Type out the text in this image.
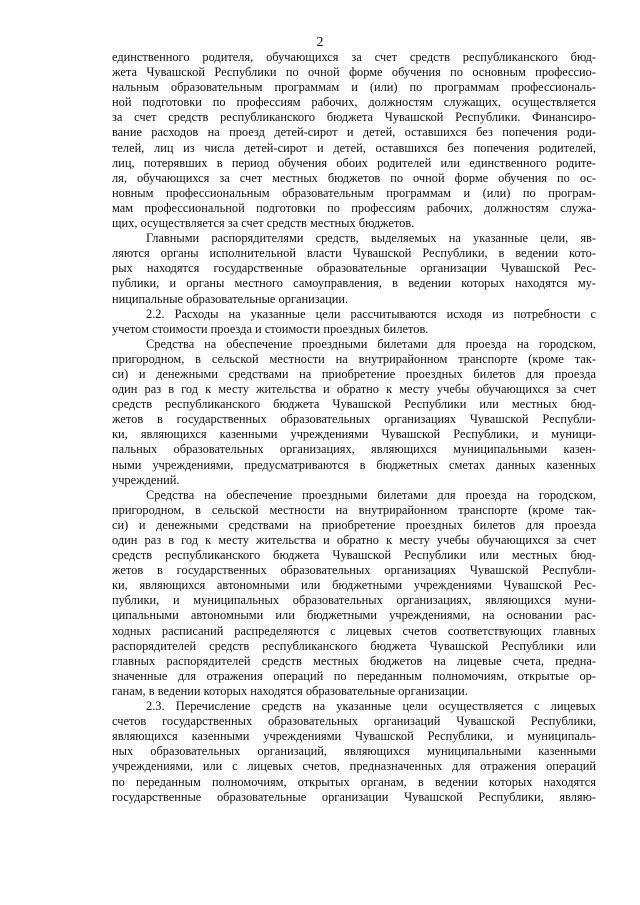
2
единственного родителя, обучающихся за счет средств республиканского бюд-
жета Чувашской Республики по очной форме обучения по основным профессио-
нальным образовательным программам и (или) по программам профессиональ-
ной подготовки по профессиям рабочих, должностям служащих, осуществляется
за счет средств республиканского бюджета Чувашской Республики. Финансиро-
вание расходов на проезд детей-сирот и детей, оставшихся без попечения роди-
телей, лиц из числа детей-сирот и детей, оставшихся без попечения родителей,
лиц, потерявших в период обучения обоих родителей или единственного родите-
ля, обучающихся за счет местных бюджетов по очной форме обучения по ос-
новным профессиональным образовательным программам и (или) по програм-
мам профессиональной подготовки по профессиям рабочих, должностям служа-
щих, осуществляется за счет средств местных бюджетов.
Главными распорядителями средств, выделяемых на указанные цели, яв-
ляются органы исполнительной власти Чувашской Республики, в ведении кото-
рых находятся государственные образовательные организации Чувашской Рес-
публики, и органы местного самоуправления, в ведении которых находятся му-
ниципальные образовательные организации.
2.2. Расходы на указанные цели рассчитываются исходя из потребности с
учетом стоимости проезда и стоимости проездных билетов.
Средства на обеспечение проездными билетами для проезда на городском,
пригородном, в сельской местности на внутрирайонном транспорте (кроме так-
си) и денежными средствами на приобретение проездных билетов для проезда
один раз в год к месту жительства и обратно к месту учебы обучающихся за счет
средств республиканского бюджета Чувашской Республики или местных бюд-
жетов в государственных образовательных организациях Чувашской Республи-
ки, являющихся казенными учреждениями Чувашской Республики, и муници-
пальных образовательных организациях, являющихся муниципальными казен-
ными учреждениями, предусматриваются в бюджетных сметах данных казенных
учреждений.
Средства на обеспечение проездными билетами для проезда на городском,
пригородном, в сельской местности на внутрирайонном транспорте (кроме так-
си) и денежными средствами на приобретение проездных билетов для проезда
один раз в год к месту жительства и обратно к месту учебы обучающихся за счет
средств республиканского бюджета Чувашской Республики или местных бюд-
жетов в государственных образовательных организациях Чувашской Республи-
ки, являющихся автономными или бюджетными учреждениями Чувашской Рес-
публики, и муниципальных образовательных организациях, являющихся муни-
ципальными автономными или бюджетными учреждениями, на основании рас-
ходных расписаний распределяются с лицевых счетов соответствующих главных
распорядителей средств республиканского бюджета Чувашской Республики или
главных распорядителей средств местных бюджетов на лицевые счета, предна-
значенные для отражения операций по переданным полномочиям, открытые ор-
ганам, в ведении которых находятся образовательные организации.
2.3. Перечисление средств на указанные цели осуществляется с лицевых
счетов государственных образовательных организаций Чувашской Республики,
являющихся казенными учреждениями Чувашской Республики, и муниципаль-
ных образовательных организаций, являющихся муниципальными казенными
учреждениями, или с лицевых счетов, предназначенных для отражения операций
по переданным полномочиям, открытых органам, в ведении которых находятся
государственные образовательные организации Чувашской Республики, являю-
